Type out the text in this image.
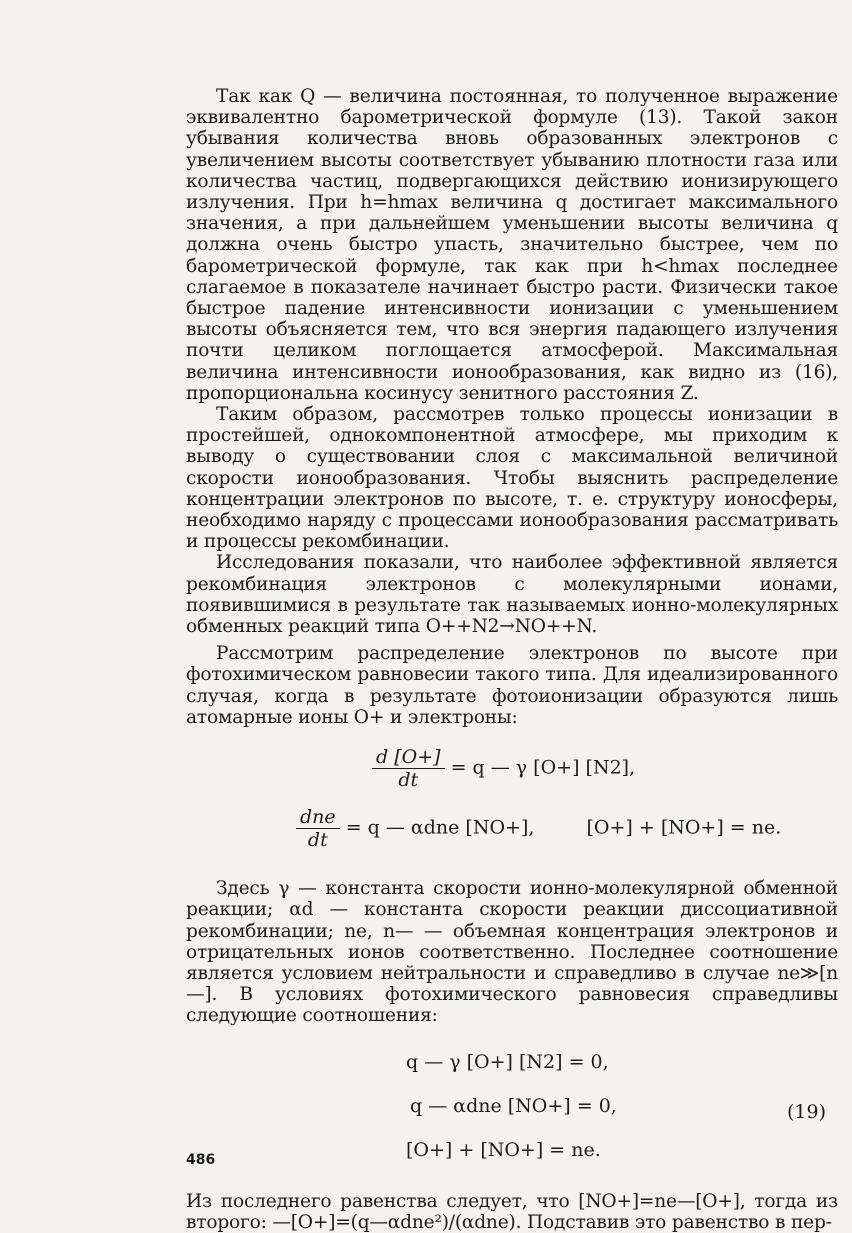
Так как Q — величина постоянная, то полученное выражение эквивалентно барометрической формуле (13). Такой закон убывания количества вновь образованных электронов с увеличением высоты соответствует убыванию плотности газа или количества частиц, подвергающихся действию ионизирующего излучения. При h=hmax величина q достигает максимального значения, а при дальнейшем уменьшении высоты величина q должна очень быстро упасть, значительно быстрее, чем по барометрической формуле, так как при h<hmax последнее слагаемое в показателе начинает быстро расти. Физически такое быстрое падение интенсивности ионизации с уменьшением высоты объясняется тем, что вся энергия падающего излучения почти целиком поглощается атмосферой. Максимальная величина интенсивности ионообразования, как видно из (16), пропорциональна косинусу зенитного расстояния Z.

Таким образом, рассмотрев только процессы ионизации в простейшей, однокомпонентной атмосфере, мы приходим к выводу о существовании слоя с максимальной величиной скорости ионообразования. Чтобы выяснить распределение концентрации электронов по высоте, т. е. структуру ионосферы, необходимо наряду с процессами ионообразования рассматривать и процессы рекомбинации.

Исследования показали, что наиболее эффективной является рекомбинация электронов с молекулярными ионами, появившимися в результате так называемых ионно-молекулярных обменных реакций типа O++N2→NO++N.

Рассмотрим распределение электронов по высоте при фотохимическом равновесии такого типа. Для идеализированного случая, когда в результате фотоионизации образуются лишь атомарные ионы O+ и электроны:

$\frac{d [O+]}{dt} = q$ — γ [O+] [N2],
$\frac{\text{dne}}{dt} = q$ — αdne [NO+],	[O+] + [NO+] = ne.

Здесь γ — константа скорости ионно-молекулярной обменной реакции; αd — константа скорости реакции диссоциативной рекомбинации; ne, n— — объемная концентрация электронов и отрицательных ионов соответственно. Последнее соотношение является условием нейтральности и справедливо в случае ne≫[n—]. В условиях фотохимического равновесия справедливы следующие соотношения:

q — γ [O+] [N2] = 0,
q — αdne [NO+] = 0,
[O+] + [NO+] = ne.
(19)

Из последнего равенства следует, что [NO+]=ne—[O+], тогда из второго: —[O+]=(q—αdne²)/(αdne). Подставив это равенство в пер-

486
